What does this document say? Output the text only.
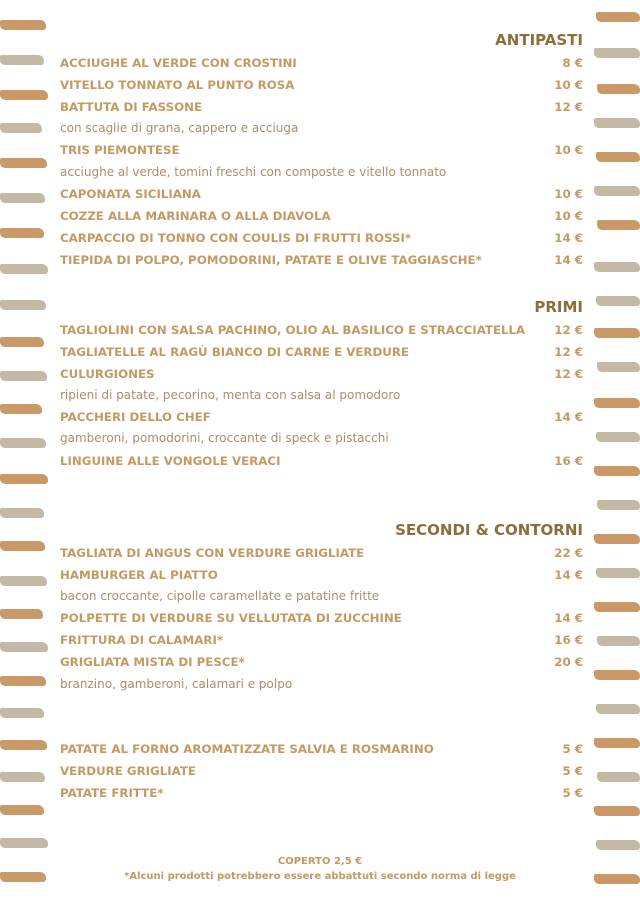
ANTIPASTI
ACCIUGHE AL VERDE CON CROSTINI	8 €
VITELLO TONNATO AL PUNTO ROSA	10 €
BATTUTA DI FASSONE	12 €
con scaglie di grana, cappero e acciuga
TRIS PIEMONTESE	10 €
acciughe al verde, tomini freschi con composte e vitello tonnato
CAPONATA SICILIANA	10 €
COZZE ALLA MARINARA O ALLA DIAVOLA	10 €
CARPACCIO DI TONNO CON COULIS DI FRUTTI ROSSI*	14 €
TIEPIDA DI POLPO, POMODORINI, PATATE E OLIVE TAGGIASCHE*	14 €
PRIMI
TAGLIOLINI CON SALSA PACHINO, OLIO AL BASILICO E STRACCIATELLA 12 €
TAGLIATELLE AL RAGÙ BIANCO DI CARNE E VERDURE	12 €
CULURGIONES	12 €
ripieni di patate, pecorino, menta con salsa al pomodoro
PACCHERI DELLO CHEF	14 €
gamberoni, pomodorini, croccante di speck e pistacchi
LINGUINE ALLE VONGOLE VERACI	16 €
SECONDI & CONTORNI
TAGLIATA DI ANGUS CON VERDURE GRIGLIATE	22 €
HAMBURGER AL PIATTO	14 €
bacon croccante, cipolle caramellate e patatine fritte
POLPETTE DI VERDURE SU VELLUTATA DI ZUCCHINE	14 €
FRITTURA DI CALAMARI*	16 €
GRIGLIATA MISTA DI PESCE*	20 €
branzino, gamberoni, calamari e polpo
PATATE AL FORNO AROMATIZZATE SALVIA E ROSMARINO	5 €
VERDURE GRIGLIATE	5 €
PATATE FRITTE*	5 €
COPERTO 2,5 €
*Alcuni prodotti potrebbero essere abbattuti secondo norma di legge
